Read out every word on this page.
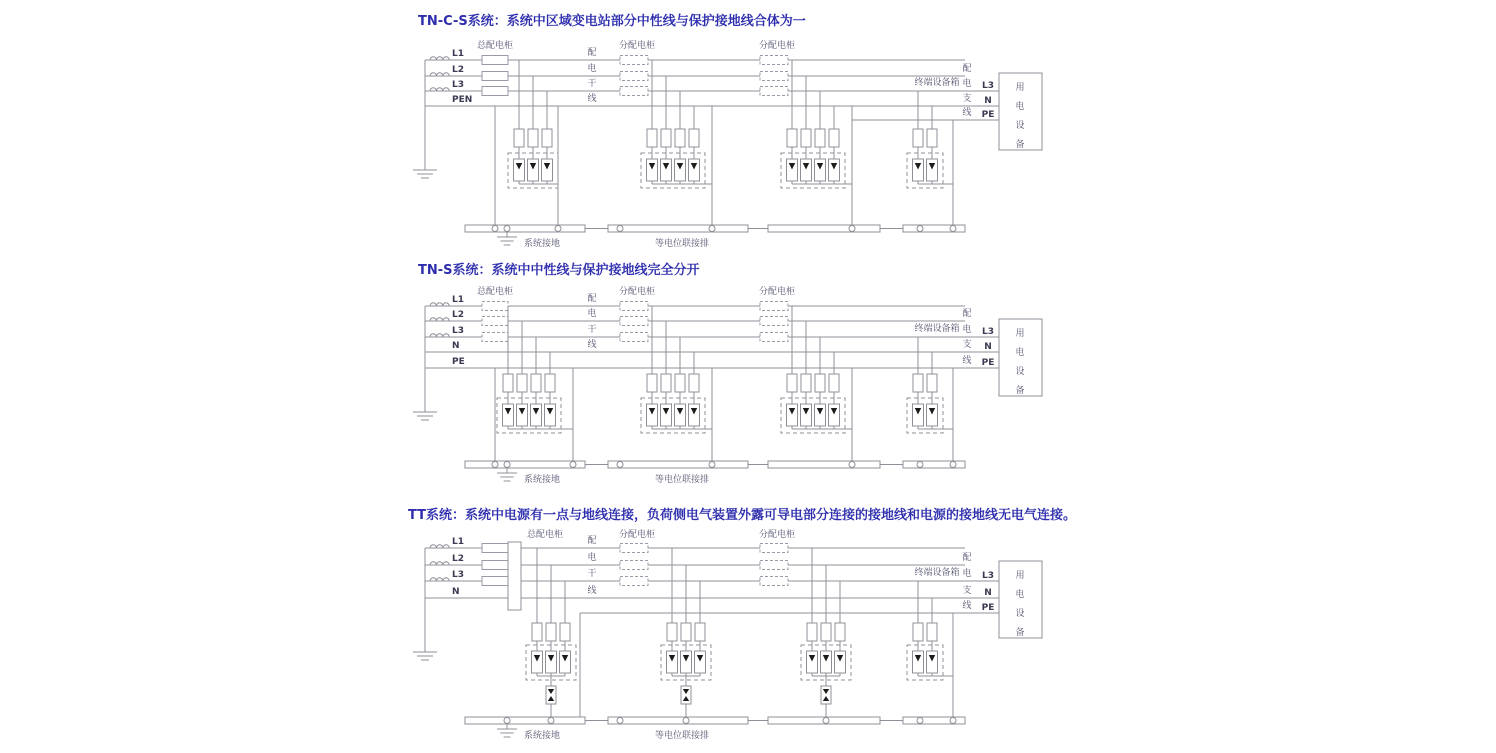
TN-C-S系统：系统中区域变电站部分中性线与保护接地线合体为一
L1
L2
L3
PEN
总配电柜	分配电柜	分配电柜
配
电
干
线
终端设备箱
配
电
支
线
L3
N
PE
用
电
设
备
系统接地	等电位联接排
TN-S系统：系统中中性线与保护接地线完全分开
L1
L2
L3
N
PE
总配电柜	分配电柜	分配电柜
配
电
干
线
终端设备箱
配
电
支
线
L3
N
PE
用
电
设
备
系统接地	等电位联接排
TT系统：系统中电源有一点与地线连接，负荷侧电气装置外露可导电部分连接的接地线和电源的接地线无电气连接。
L1
L2
L3
N
总配电柜	分配电柜	分配电柜
配
电
干
线
终端设备箱
配
电
支
线
L3
N
PE
用
电
设
备
系统接地	等电位联接排
